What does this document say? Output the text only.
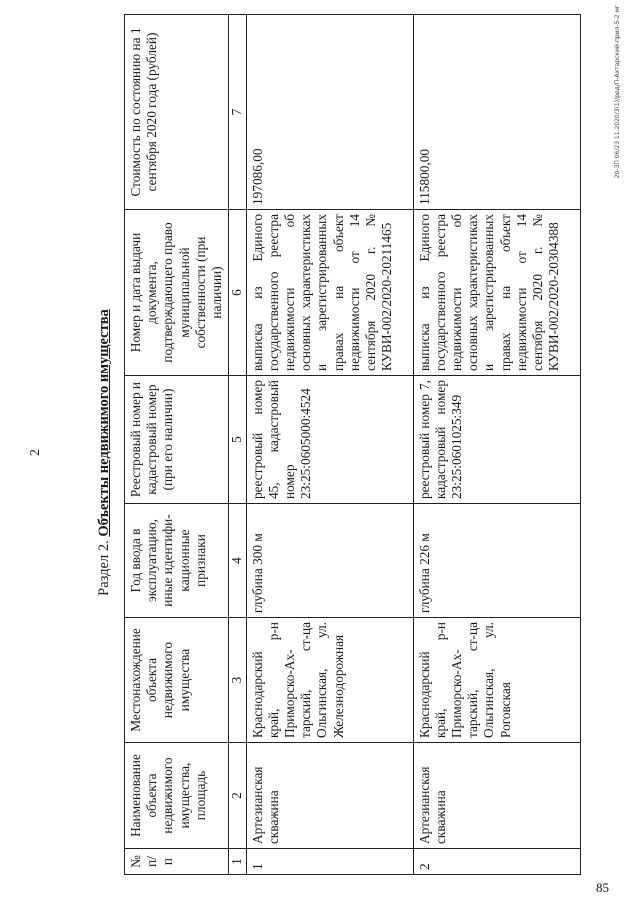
2
Раздел 2. Объекты недвижимого имущества
№ п/п	Наименование объекта недвижимого имущества, площадь	Местонахождение объекта недвижимого имущества	Год ввода в эксплуатацию, иные идентификационные признаки	Реестровый номер и кадастровый номер (при его наличии)	Номер и дата выдачи документа, подтверждающего право муниципальной собственности (при наличии)	Стоимость по состоянию на 1 сентября 2020 года (рублей)
1	2	3	4	5	6	7
1	Артезианская скважина	Краснодарский край, р-н Приморско-Ахтарский, ст-ца Ольгинская, ул. Железнодорожная	глубина 300 м	реестровый номер 45, кадастровый номер 23:25:0605000:4524	выписка из Единого государственного реестра недвижимости об основных характеристиках и зарегистрированных правах на объект недвижимости от 14 сентября 2020 г. № КУВИ-002/2020-20211465	197086,00
2	Артезианская скважина	Краснодарский край, р-н Приморско-Ахтарский, ст-ца Ольгинская, ул. Роговская	глубина 226 м	реестровый номер 7, кадастровый номер 23:25:0601025:349	выписка из Единого государственного реестра недвижимости об основных характеристиках и зарегистрированных правах на объект недвижимости от 14 сентября 2020 г. № КУВИ-002/2020-20304388	115800,00	20-ЗП 06/23 11.2020/3(1)/ред/П-Ахтарский-прил-5-2 мг
85
